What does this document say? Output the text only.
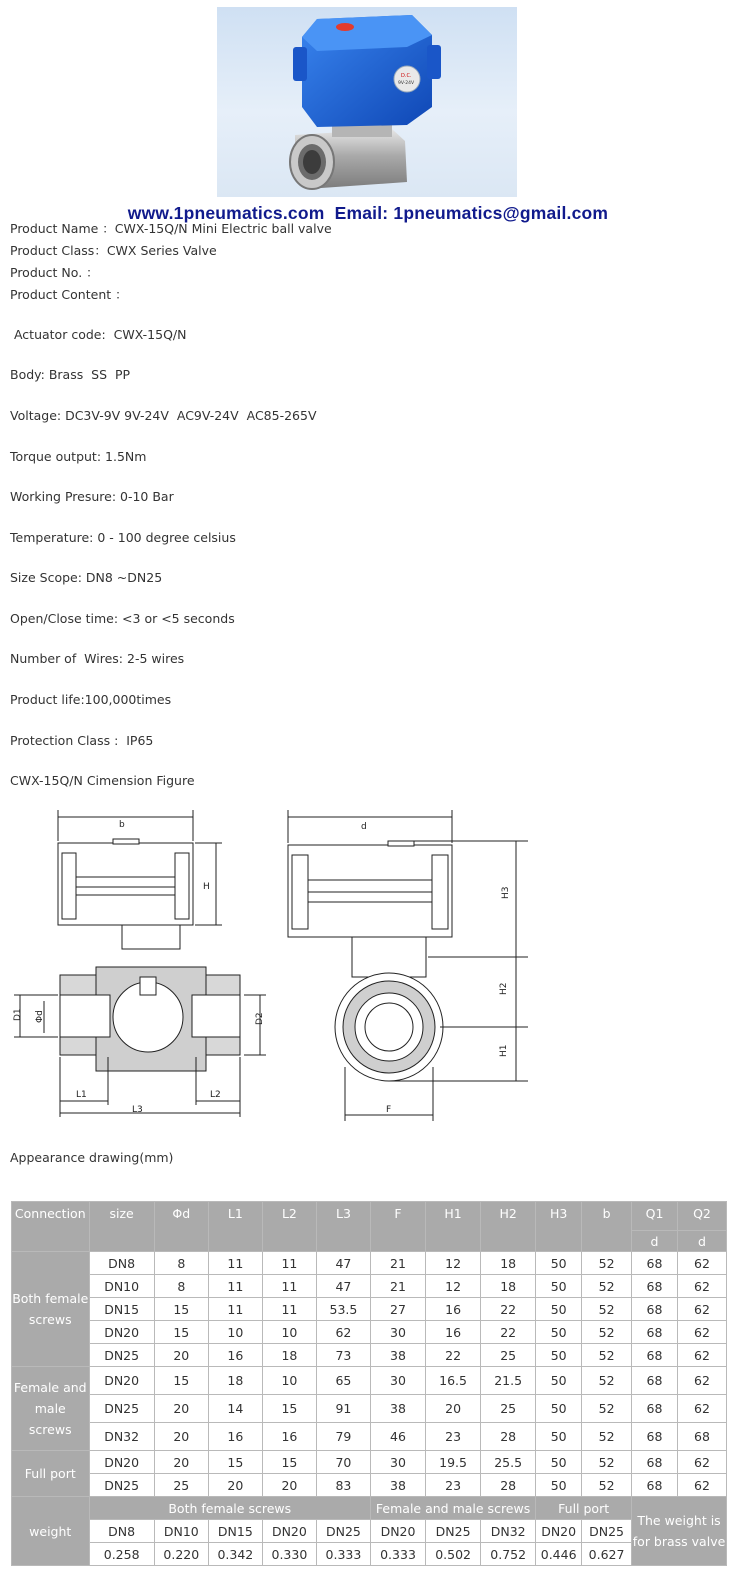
D.C.
9V-24V
www.1pneumatics.com Email: 1pneumatics@gmail.com
Product Name ：CWX-15Q/N Mini Electric ball valve
Product Class：CWX Series Valve
Product No. ：
Product Content ：
Actuator code:  CWX-15Q/N
Body: Brass  SS  PP
Voltage: DC3V-9V 9V-24V  AC9V-24V  AC85-265V
Torque output: 1.5Nm
Working Presure: 0-10 Bar
Temperature: 0 - 100 degree celsius
Size Scope: DN8 ~DN25
Open/Close time: <3 or <5 seconds
Number of  Wires: 2-5 wires
Product life:100,000times
Protection Class :  IP65
CWX-15Q/N Cimension Figure
b
H
D1 Φd	D2
L1	L2
L3
d
H3
H2
H1
F
Appearance drawing(mm)
Connection	size	Φd	L1	L2	L3	F	H1	H2	H3	b	Q1	Q2
											d	d
Both female screws	DN8	8	11	11	47	21	12	18	50	52	68	62
	DN10	8	11	11	47	21	12	18	50	52	68	62
	DN15	15	11	11	53.5	27	16	22	50	52	68	62
	DN20	15	10	10	62	30	16	22	50	52	68	62
	DN25	20	16	18	73	38	22	25	50	52	68	62
Female and male screws	DN20	15	18	10	65	30	16.5	21.5	50	52	68	62
	DN25	20	14	15	91	38	20	25	50	52	68	62
	DN32	20	16	16	79	46	23	28	50	52	68	68
Full port	DN20	20	15	15	70	30	19.5	25.5	50	52	68	62
	DN25	25	20	20	83	38	23	28	50	52	68	62
weight	Both female screws					Female and male screws			Full port		The weight is for brass valve	
	DN8	DN10	DN15	DN20	DN25	DN20	DN25	DN32	DN20	DN25		
	0.258	0.220	0.342	0.330	0.333	0.333	0.502	0.752	0.446	0.627		
